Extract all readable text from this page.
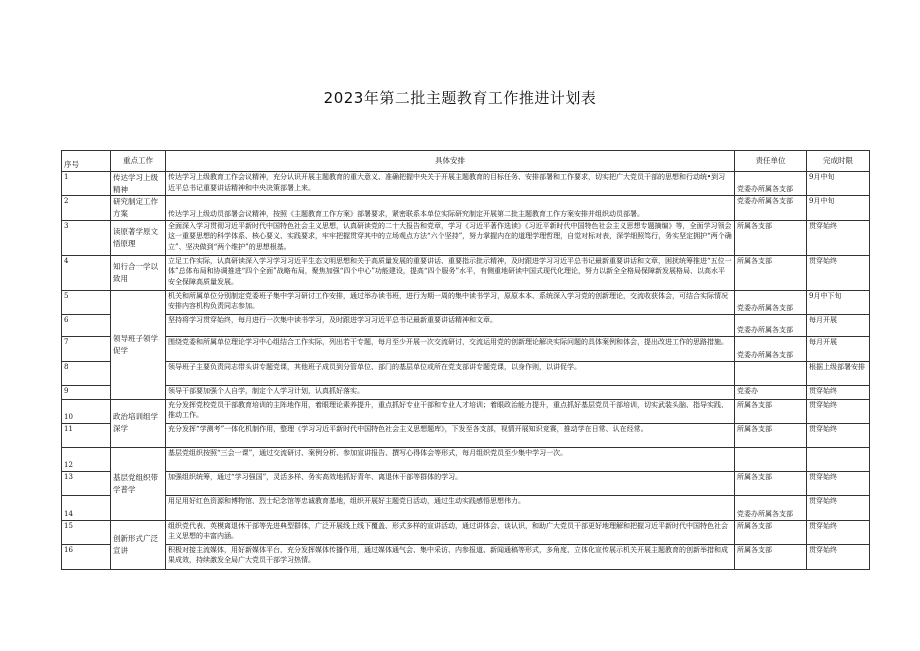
2023年第二批主题教育工作推进计划表
序号	重点工作	具体安排	责任单位	完成时限
1	传达学习上级精神	传达学习上级教育工作会议精神，充分认识开展主题教育的重大意义、准确把握中央关于开展主题教育的目标任务、安排部署和工作要求，切实把广大党员干部的思想和行动统•到习近平总书记重要讲话精神和中央决策部署上来。	党委办所属各支部	9月中旬
2	研究制定工作方案	传达学习上级动员部署会议精神，按照《主题教育工作方案》部署要求，紧密联系本单位实际研究制定开展第二批主题教育工作方案安排并组织动员部署。	党委办所属各支部	9月中旬
3	读原著学原文悟原理	全面深入学习贯彻习近平新时代中国特色社会主义思想，认真研读党的二十大报告和党章，学习《习近平著作选读》《习近平新时代中国特色社会主义思想专题摘编》等，全面学习领会这一重要思想的科学体系、核心要义、实践要求，牢牢把握贯穿其中的立场观点方法“六个坚持”，努力掌握内在的道理学理哲理，自觉对标对表，深学细照笃行，务实坚定拥护“两个确立”、坚决做到“两个维护”的思想根基。	所属各支部	贯穿始终
4	知行合一学以致用	立足工作实际，认真研读深入学习学习习近平生态文明思想和关于高质量发展的重要讲话、重要指示批示精神，及时跟进学习习近平总书记最新重要讲话和文章，困扰统筹推进“五位一体”总体布局和协调推进“四个全面”战略布局，聚焦加强“四个中心”功能建设，提高“四个服务”水平，有侧重地研读中国式现代化理论，努力以新全全格局保障新发展格局、以高水平安全保障高质量发展。	所属各支部	贯穿始终
5	领导班子领学促学	机关和所属单位分别制定党委班子集中学习研讨工作安排，通过举办读书班，进行为期一周的集中读书学习，原原本本、系统深入学习党的创新理论，交流收获体会，可结合实际情况安排内容机构负责同志参加。	党委办所属各支部	9月中下旬
6		坚持将学习贯穿始终，每月进行一次集中读书学习，及时跟进学习习近平总书记最新重要讲话精神和文章。	党委办所属各支部	每月开展
7		围绕党委和所属单位理论学习中心组结合工作实际，列出若干专题，每月至少开展一次交流研讨，交流运用党的创新理论解决实际问题的具体案例和体会，提出改进工作的思路措施。	党委办所属各支部	每月开展
8		领导班子主要负责同志带头讲专题党课，其他班子成员到分管单位、部门的基层单位或所在党支部讲专题党课，以身作则，以讲促学。		根据上级部署安排
9		领导干部要加强个人自学，制定个人学习计划，认真抓好落实。	党委办	贯穿始终
10	政治培训组学深学	充分发挥党校党员干部教育培训的主阵地作用，着眼理论素养提升，重点抓好专业干部和专业人才培训；着眼政治能力提升，重点抓好基层党员干部培训，切实武装头脑、指导实践、推动工作。	所属各支部	贯穿始终
11		充分发挥“学测考”一体化机制作用，整理《学习习近平新时代中国特色社会主义思想题库》，下发至各支部，视情开展知识竞赛，推动学在日常、认在经常。	所属各支部	贯穿始终
12	基层党组织带学普学	基层党组织按照“三会一课”，通过交流研讨、案例分析、参加宣讲报告、撰写心得体会等形式，每月组织党员至少集中学习一次。		
13		加强组织统筹，通过“学习强国”，灵活多样、务实高效地抓好青年、离退休干部等群体的学习。	所属各支部	贯穿始终
14		用足用好红色资源和博物馆、烈士纪念馆等忠诚教育基地，组织开展好主题党日活动，通过生动实践感悟思想伟力。	党委办所属各支部	贯穿始终
15	创新形式广泛宣讲	组织党代表、英模离退休干部等先进典型群体，广泛开展线上线下覆盖、形式多样的宣讲活动，通过讲体会、谈认识，和助广大党员干部更好地理解和把握习近平新时代中国特色社会主义思想的丰富内涵。	所属各支部	贯穿始终
16		积极对接主流媒体，用好新媒体平台，充分发挥媒体传播作用，通过媒体通气会、集中采访、内参报道、新闻通稿等形式，多角度、立体化宣传展示机关开展主题教育的创新举措和成果成效，持续激发全局广大党员干部学习热情。	所属各支部	贯穿始终
